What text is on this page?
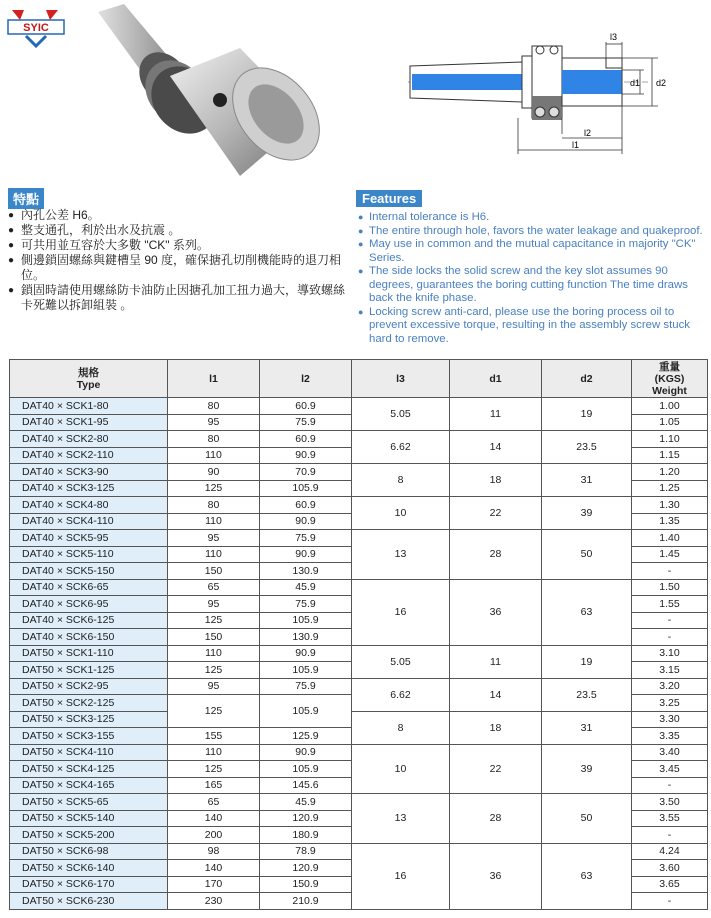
SYIC
l3
l2
l1
d1 d2
特點
● 內孔公差 H6。
● 整支通孔，利於出水及抗震 。
● 可共用並互容於大多數 "CK" 系列。
● 側邊鎖固螺絲與鍵槽呈 90 度，確保搪孔切削機能時的退刀相位。
● 鎖固時請使用螺絲防卡油防止因搪孔加工扭力過大，導致螺絲卡死難以拆卸組裝 。
Features
● Internal tolerance is H6.
● The entire through hole, favors the water leakage and quakeproof.
● May use in common and the mutual capacitance in majority "CK" Series.
● The side locks the solid screw and the key slot assumes 90 degrees, guarantees the boring cutting function The time draws back the knife phase.
● Locking screw anti-card, please use the boring process oil to prevent excessive torque, resulting in the assembly screw stuck hard to remove.
規格
Type	l1	l2	l3	d1	d2	重量
(KGS)
Weight
DAT40 × SCK1-80	80	60.9	5.05	11	19	1.00
DAT40 × SCK1-95	95	75.9				1.05
DAT40 × SCK2-80	80	60.9	6.62	14	23.5	1.10
DAT40 × SCK2-110	110	90.9				1.15
DAT40 × SCK3-90	90	70.9	8	18	31	1.20
DAT40 × SCK3-125	125	105.9				1.25
DAT40 × SCK4-80	80	60.9	10	22	39	1.30
DAT40 × SCK4-110	110	90.9				1.35
DAT40 × SCK5-95	95	75.9	13	28	50	1.40
DAT40 × SCK5-110	110	90.9				1.45
DAT40 × SCK5-150	150	130.9				-
DAT40 × SCK6-65	65	45.9	16	36	63	1.50
DAT40 × SCK6-95	95	75.9				1.55
DAT40 × SCK6-125	125	105.9				-
DAT40 × SCK6-150	150	130.9				-
DAT50 × SCK1-110	110	90.9	5.05	11	19	3.10
DAT50 × SCK1-125	125	105.9				3.15
DAT50 × SCK2-95	95	75.9	6.62	14	23.5	3.20
DAT50 × SCK2-125	125	105.9				3.25
DAT50 × SCK3-125			8	18	31	3.30
DAT50 × SCK3-155	155	125.9				3.35
DAT50 × SCK4-110	110	90.9	10	22	39	3.40
DAT50 × SCK4-125	125	105.9				3.45
DAT50 × SCK4-165	165	145.6				-
DAT50 × SCK5-65	65	45.9	13	28	50	3.50
DAT50 × SCK5-140	140	120.9				3.55
DAT50 × SCK5-200	200	180.9				-
DAT50 × SCK6-98	98	78.9	16	36	63	4.24
DAT50 × SCK6-140	140	120.9				3.60
DAT50 × SCK6-170	170	150.9				3.65
DAT50 × SCK6-230	230	210.9				-
